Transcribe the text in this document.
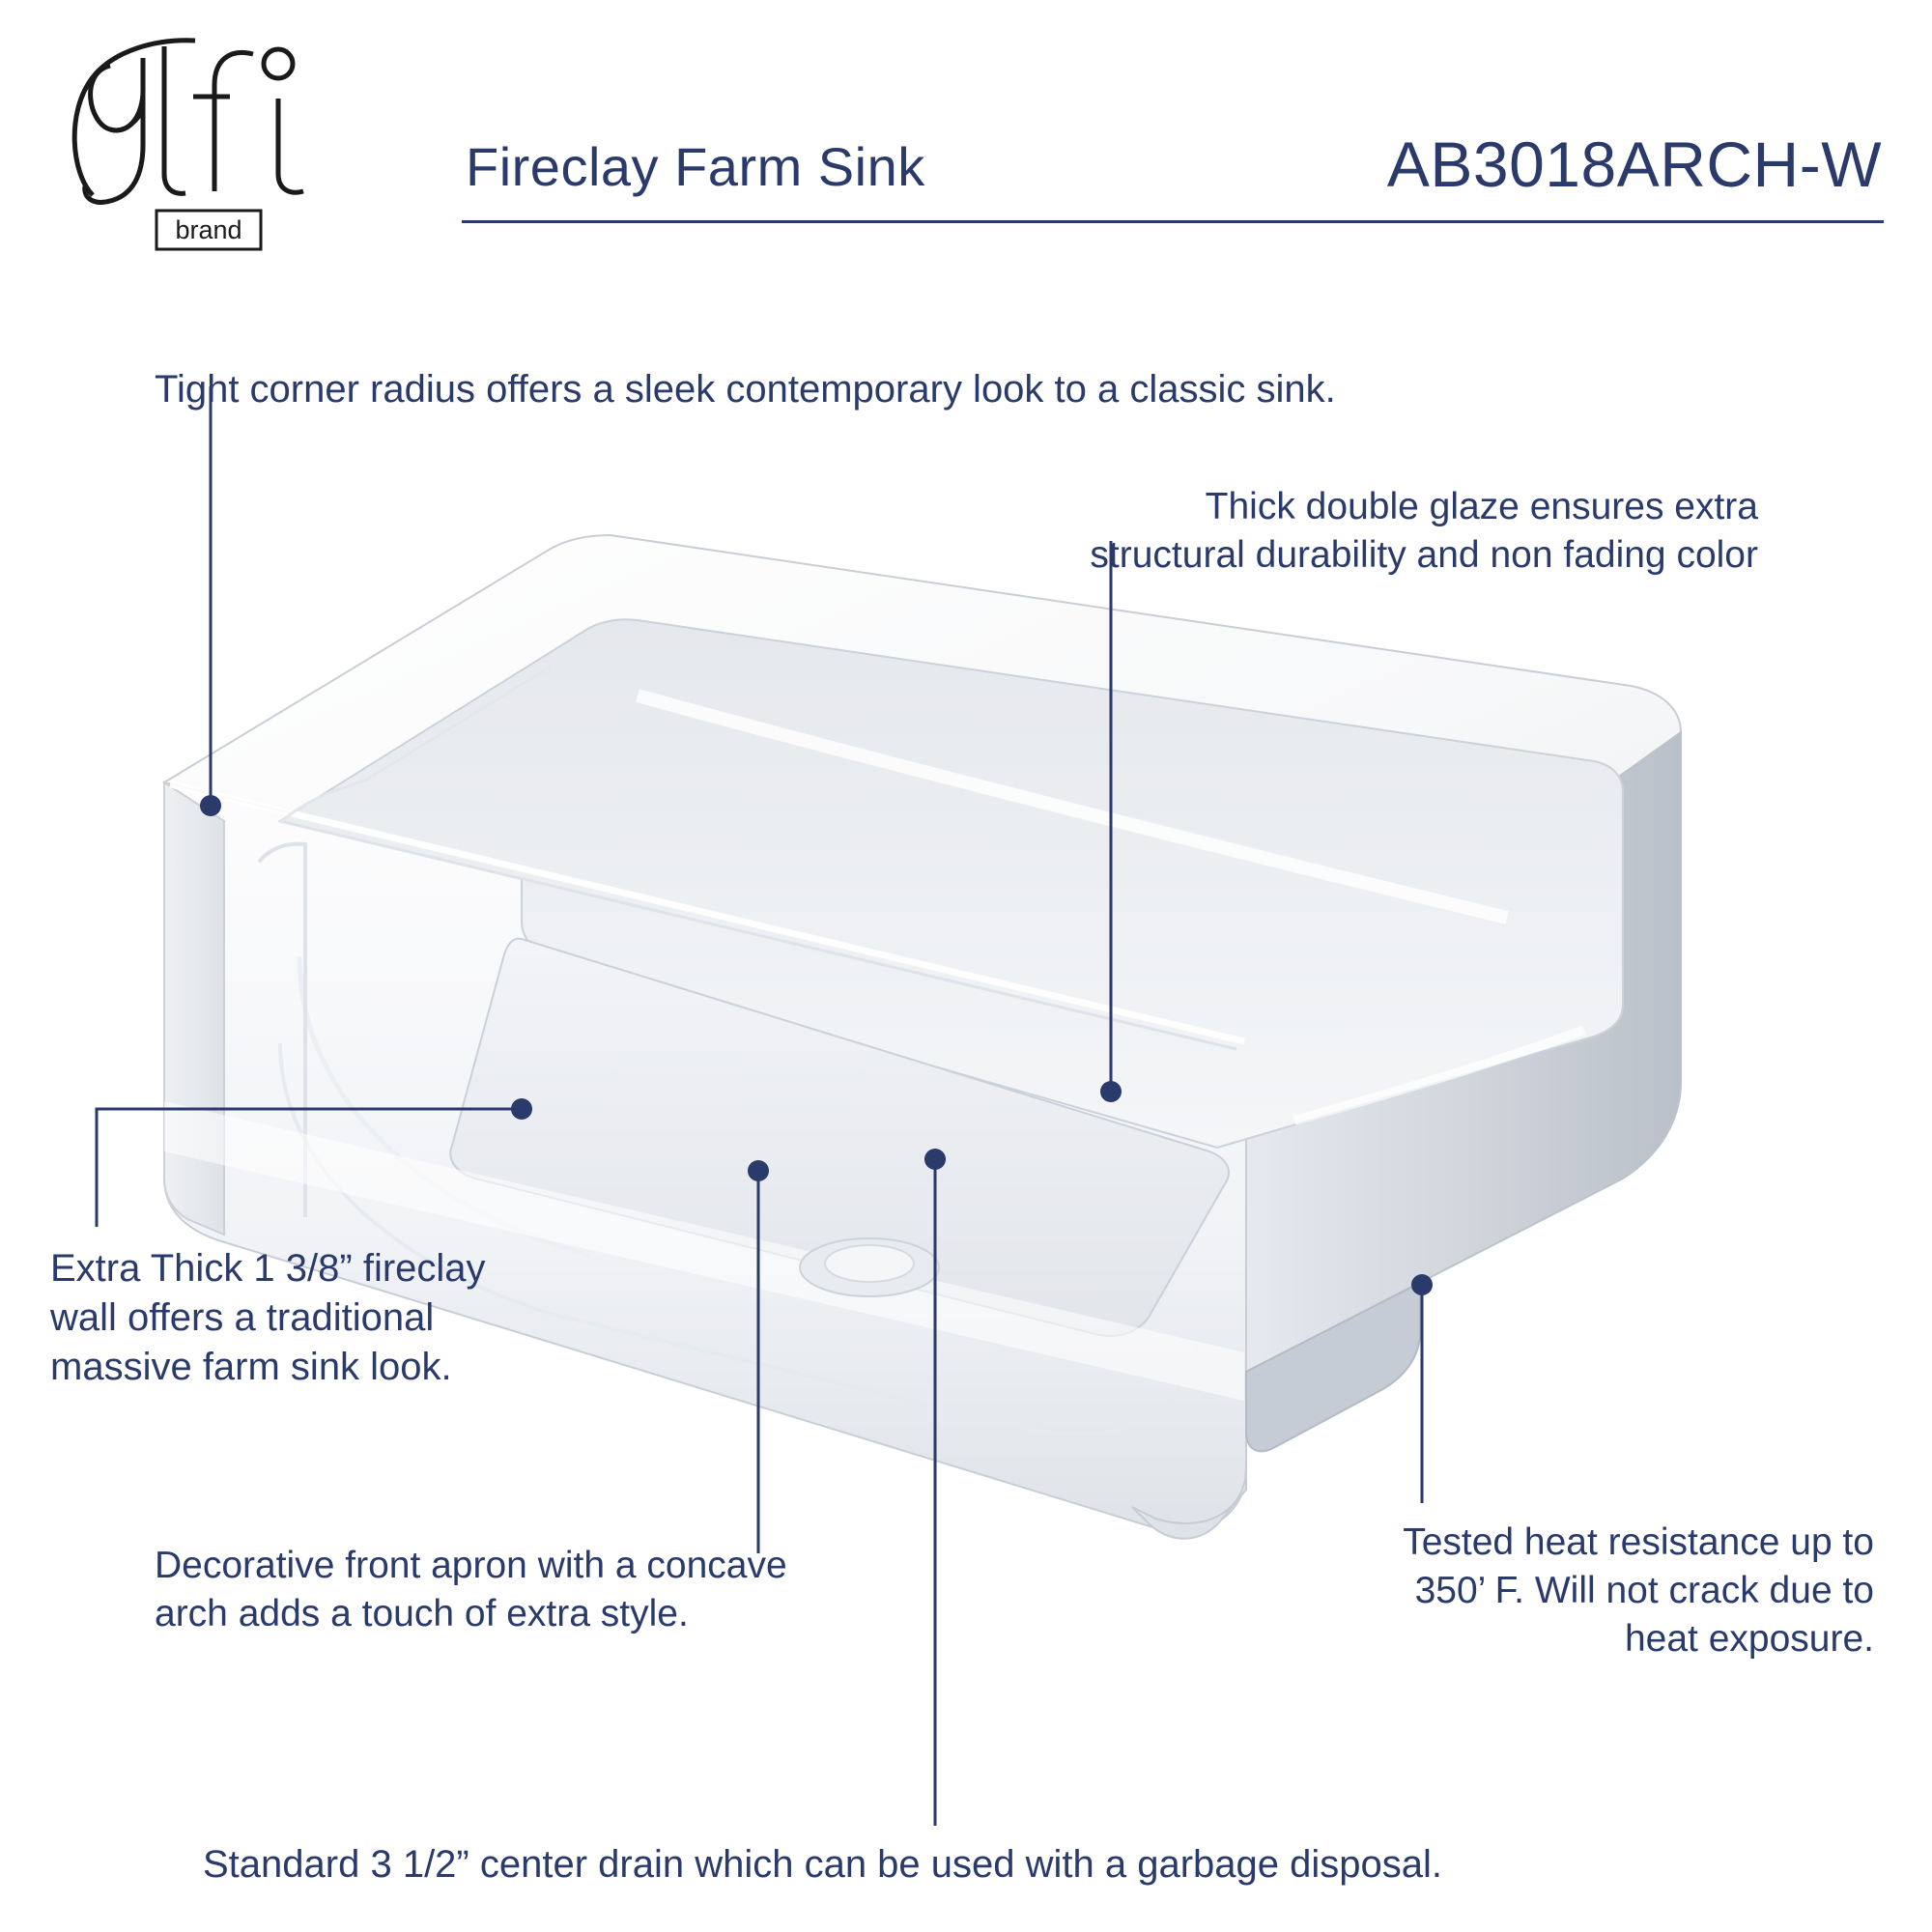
brand
Fireclay Farm Sink	AB3018ARCH-W
Tight corner radius offers a sleek contemporary look to a classic sink.
Thick double glaze ensures extra structural durability and non fading color
Extra Thick 1 3/8” fireclay wall offers a traditional massive farm sink look.
Decorative front apron with a concave arch adds a touch of extra style.
Tested heat resistance up to 350’ F. Will not crack due to heat exposure.
Standard 3 1/2” center drain which can be used with a garbage disposal.
